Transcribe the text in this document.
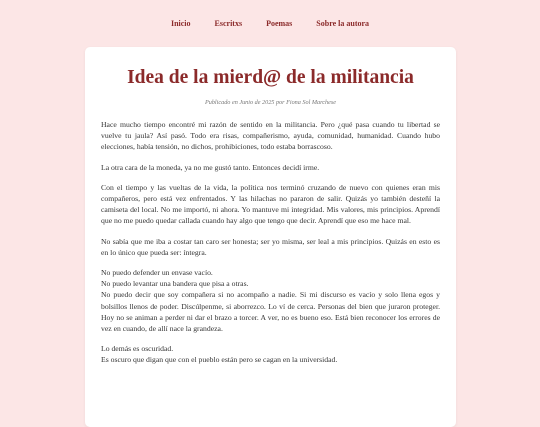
Inicio	Escritxs	Poemas	Sobre la autora
Idea de la mierd@ de la militancia
Publicado en Junio de 2025 por Fiona Sol Marchese

Hace mucho tiempo encontré mi razón de sentido en la militancia. Pero ¿qué pasa cuando tu libertad se vuelve tu jaula? Así pasó. Todo era risas, compañerismo, ayuda, comunidad, humanidad. Cuando hubo elecciones, había tensión, no dichos, prohibiciones, todo estaba borrascoso.

La otra cara de la moneda, ya no me gustó tanto. Entonces decidí irme.

Con el tiempo y las vueltas de la vida, la política nos terminó cruzando de nuevo con quienes eran mis compañeros, pero está vez enfrentados. Y las hilachas no pararon de salir. Quizás yo también desteñí la camiseta del local. No me importó, ni ahora. Yo mantuve mi integridad. Mis valores, mis principios. Aprendí que no me puedo quedar callada cuando hay algo que tengo que decir. Aprendí que eso me hace mal.

No sabía que me iba a costar tan caro ser honesta; ser yo misma, ser leal a mis principios. Quizás en esto es en lo único que pueda ser: íntegra.

No puedo defender un envase vacío.
No puedo levantar una bandera que pisa a otras.
No puedo decir que soy compañera si no acompaño a nadie. Si mi discurso es vacío y solo llena egos y bolsillos llenos de poder. Discúlpenme, si aborrezco. Lo ví de cerca. Personas del bien que juraron proteger. Hoy no se animan a perder ni dar el brazo a torcer. A ver, no es bueno eso. Está bien reconocer los errores de vez en cuando, de allí nace la grandeza.

Lo demás es oscuridad.
Es oscuro que digan que con el pueblo están pero se cagan en la universidad.
